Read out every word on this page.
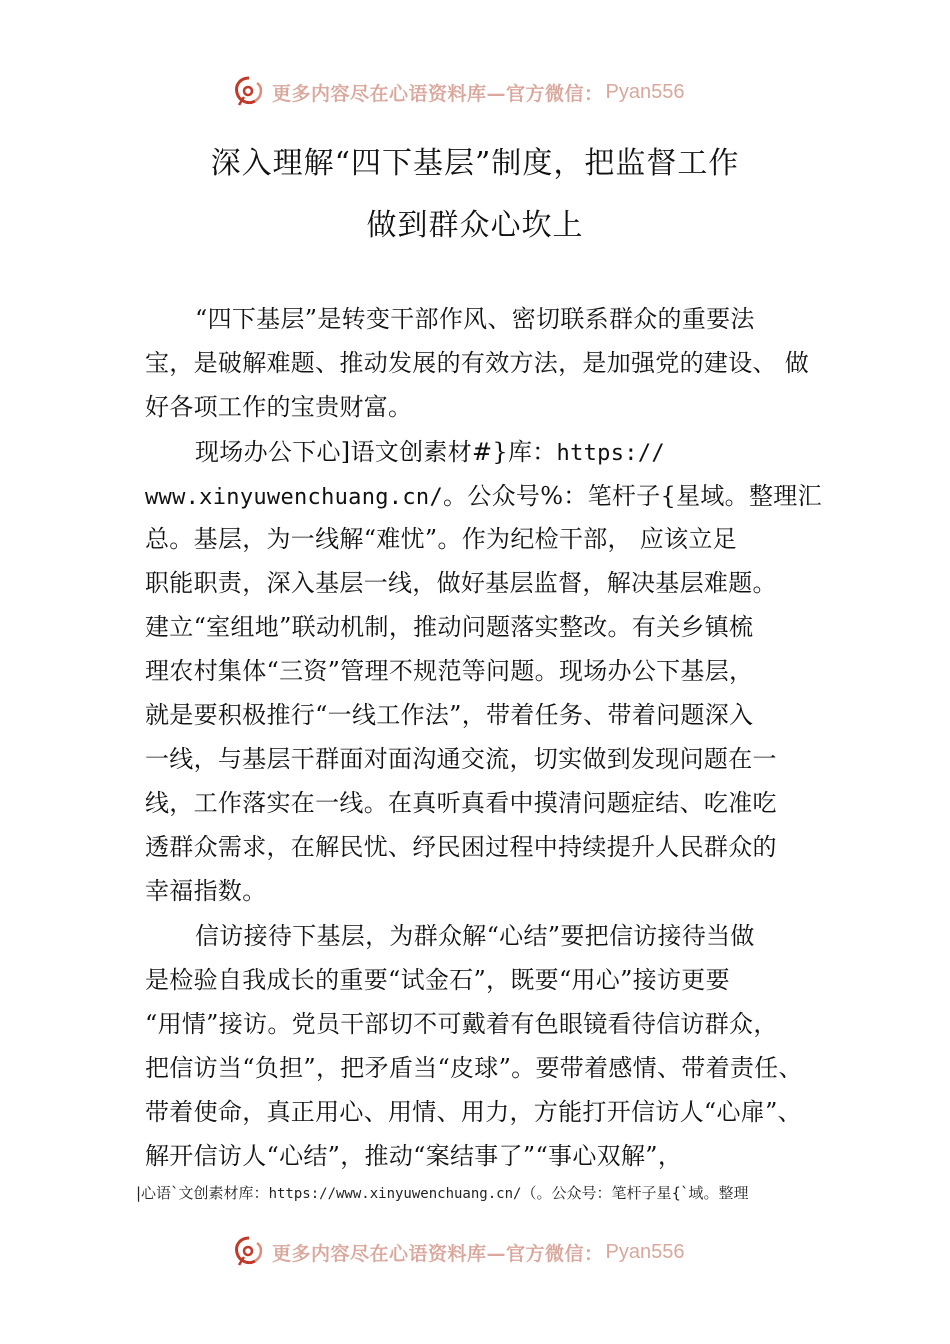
更多内容尽在心语资料库—官方微信： Pyan556
深入理解“四下基层”制度，把监督工作
做到群众心坎上
“四下基层”是转变干部作风、密切联系群众的重要法
宝，是破解难题、推动发展的有效方法，是加强党的建设、 做
好各项工作的宝贵财富。
现场办公下心]语文创素材#}库：https://
www.xinyuwenchuang.cn/。公众号%：笔杆子{星域。整理汇
总。基层，为一线解“难忧”。作为纪检干部， 应该立足
职能职责，深入基层一线，做好基层监督，解决基层难题。
建立“室组地”联动机制，推动问题落实整改。有关乡镇梳
理农村集体“三资”管理不规范等问题。现场办公下基层，
就是要积极推行“一线工作法”，带着任务、带着问题深入
一线，与基层干群面对面沟通交流，切实做到发现问题在一
线，工作落实在一线。在真听真看中摸清问题症结、吃准吃
透群众需求，在解民忧、纾民困过程中持续提升人民群众的
幸福指数。
信访接待下基层，为群众解“心结”要把信访接待当做
是检验自我成长的重要“试金石”，既要“用心”接访更要
“用情”接访。党员干部切不可戴着有色眼镜看待信访群众，
把信访当“负担”，把矛盾当“皮球”。要带着感情、带着责任、
带着使命，真正用心、用情、用力，方能打开信访人“心扉”、
解开信访人“心结”，推动“案结事了”“事心双解”，
|心语`文创素材库：https://www.xinyuwenchuang.cn/（。公众号：笔杆子星{`域。整理
更多内容尽在心语资料库—官方微信： Pyan556
